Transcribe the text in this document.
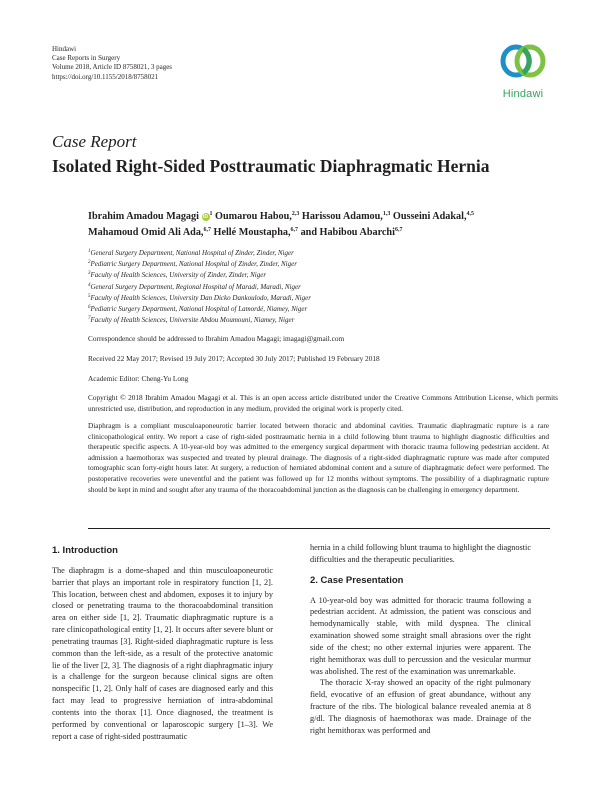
Hindawi
Case Reports in Surgery
Volume 2018, Article ID 8758021, 3 pages
https://doi.org/10.1155/2018/8758021
Hindawi
Case Report
Isolated Right-Sided Posttraumatic Diaphragmatic Hernia
Ibrahim Amadou Magagi iD $^1$ Oumarou Habou,$^{2,3}$ Harissou Adamou,$^{1,3}$ Ousseini Adakal,$^{4,5}$
Mahamoud Omid Ali Ada,$^{6,7}$ Hellé Moustapha,$^{6,7}$ and Habibou Abarchi$^{6,7}$
$^1$General Surgery Department, National Hospital of Zinder, Zinder, Niger
$^2$Pediatric Surgery Department, National Hospital of Zinder, Zinder, Niger
$^3$Faculty of Health Sciences, University of Zinder, Zinder, Niger
$^4$General Surgery Department, Regional Hospital of Maradi, Maradi, Niger
$^5$Faculty of Health Sciences, University Dan Dicko Dankoulodo, Maradi, Niger
$^6$Pediatric Surgery Department, National Hospital of Lamordé, Niamey, Niger
$^7$Faculty of Health Sciences, Universite Abdou Moumouni, Niamey, Niger
Correspondence should be addressed to Ibrahim Amadou Magagi; imagagi@gmail.com
Received 22 May 2017; Revised 19 July 2017; Accepted 30 July 2017; Published 19 February 2018
Academic Editor: Cheng-Yu Long
Copyright © 2018 Ibrahim Amadou Magagi et al. This is an open access article distributed under the Creative Commons Attribution License, which permits unrestricted use, distribution, and reproduction in any medium, provided the original work is properly cited.
Diaphragm is a compliant musculoaponeurotic barrier located between thoracic and abdominal cavities. Traumatic diaphragmatic rupture is a rare clinicopathological entity. We report a case of right-sided posttraumatic hernia in a child following blunt trauma to highlight diagnostic difficulties and therapeutic specific aspects. A 10-year-old boy was admitted to the emergency surgical department with thoracic trauma following pedestrian accident. At admission a haemothorax was suspected and treated by pleural drainage. The diagnosis of a right-sided diaphragmatic rupture was made after computed tomographic scan forty-eight hours later. At surgery, a reduction of herniated abdominal content and a suture of diaphragmatic defect were performed. The postoperative recoveries were uneventful and the patient was followed up for 12 months without symptoms. The possibility of a diaphragmatic rupture should be kept in mind and sought after any trauma of the thoracoabdominal junction as the diagnosis can be challenging in emergency department.

1. Introduction

The diaphragm is a dome-shaped and thin musculoaponeurotic barrier that plays an important role in respiratory function [1, 2]. This location, between chest and abdomen, exposes it to injury by closed or penetrating trauma to the thoracoabdominal transition area on either side [1, 2]. Traumatic diaphragmatic rupture is a rare clinicopathological entity [1, 2]. It occurs after severe blunt or penetrating traumas [3]. Right-sided diaphragmatic rupture is less common than the left-side, as a result of the protective anatomic lie of the liver [2, 3]. The diagnosis of a right diaphragmatic injury is a challenge for the surgeon because clinical signs are often nonspecific [1, 2]. Only half of cases are diagnosed early and this fact may lead to progressive herniation of intra-abdominal contents into the thorax [1]. Once diagnosed, the treatment is performed by conventional or laparoscopic surgery [1–3]. We report a case of right-sided posttraumatic

hernia in a child following blunt trauma to highlight the diagnostic difficulties and the therapeutic peculiarities.

2. Case Presentation

A 10-year-old boy was admitted for thoracic trauma following a pedestrian accident. At admission, the patient was conscious and hemodynamically stable, with mild dyspnea. The clinical examination showed some straight small abrasions over the right side of the chest; no other external injuries were apparent. The right hemithorax was dull to percussion and the vesicular murmur was abolished. The rest of the examination was unremarkable.

The thoracic X-ray showed an opacity of the right pulmonary field, evocative of an effusion of great abundance, without any fracture of the ribs. The biological balance revealed anemia at 8 g/dl. The diagnosis of haemothorax was made. Drainage of the right hemithorax was performed and
